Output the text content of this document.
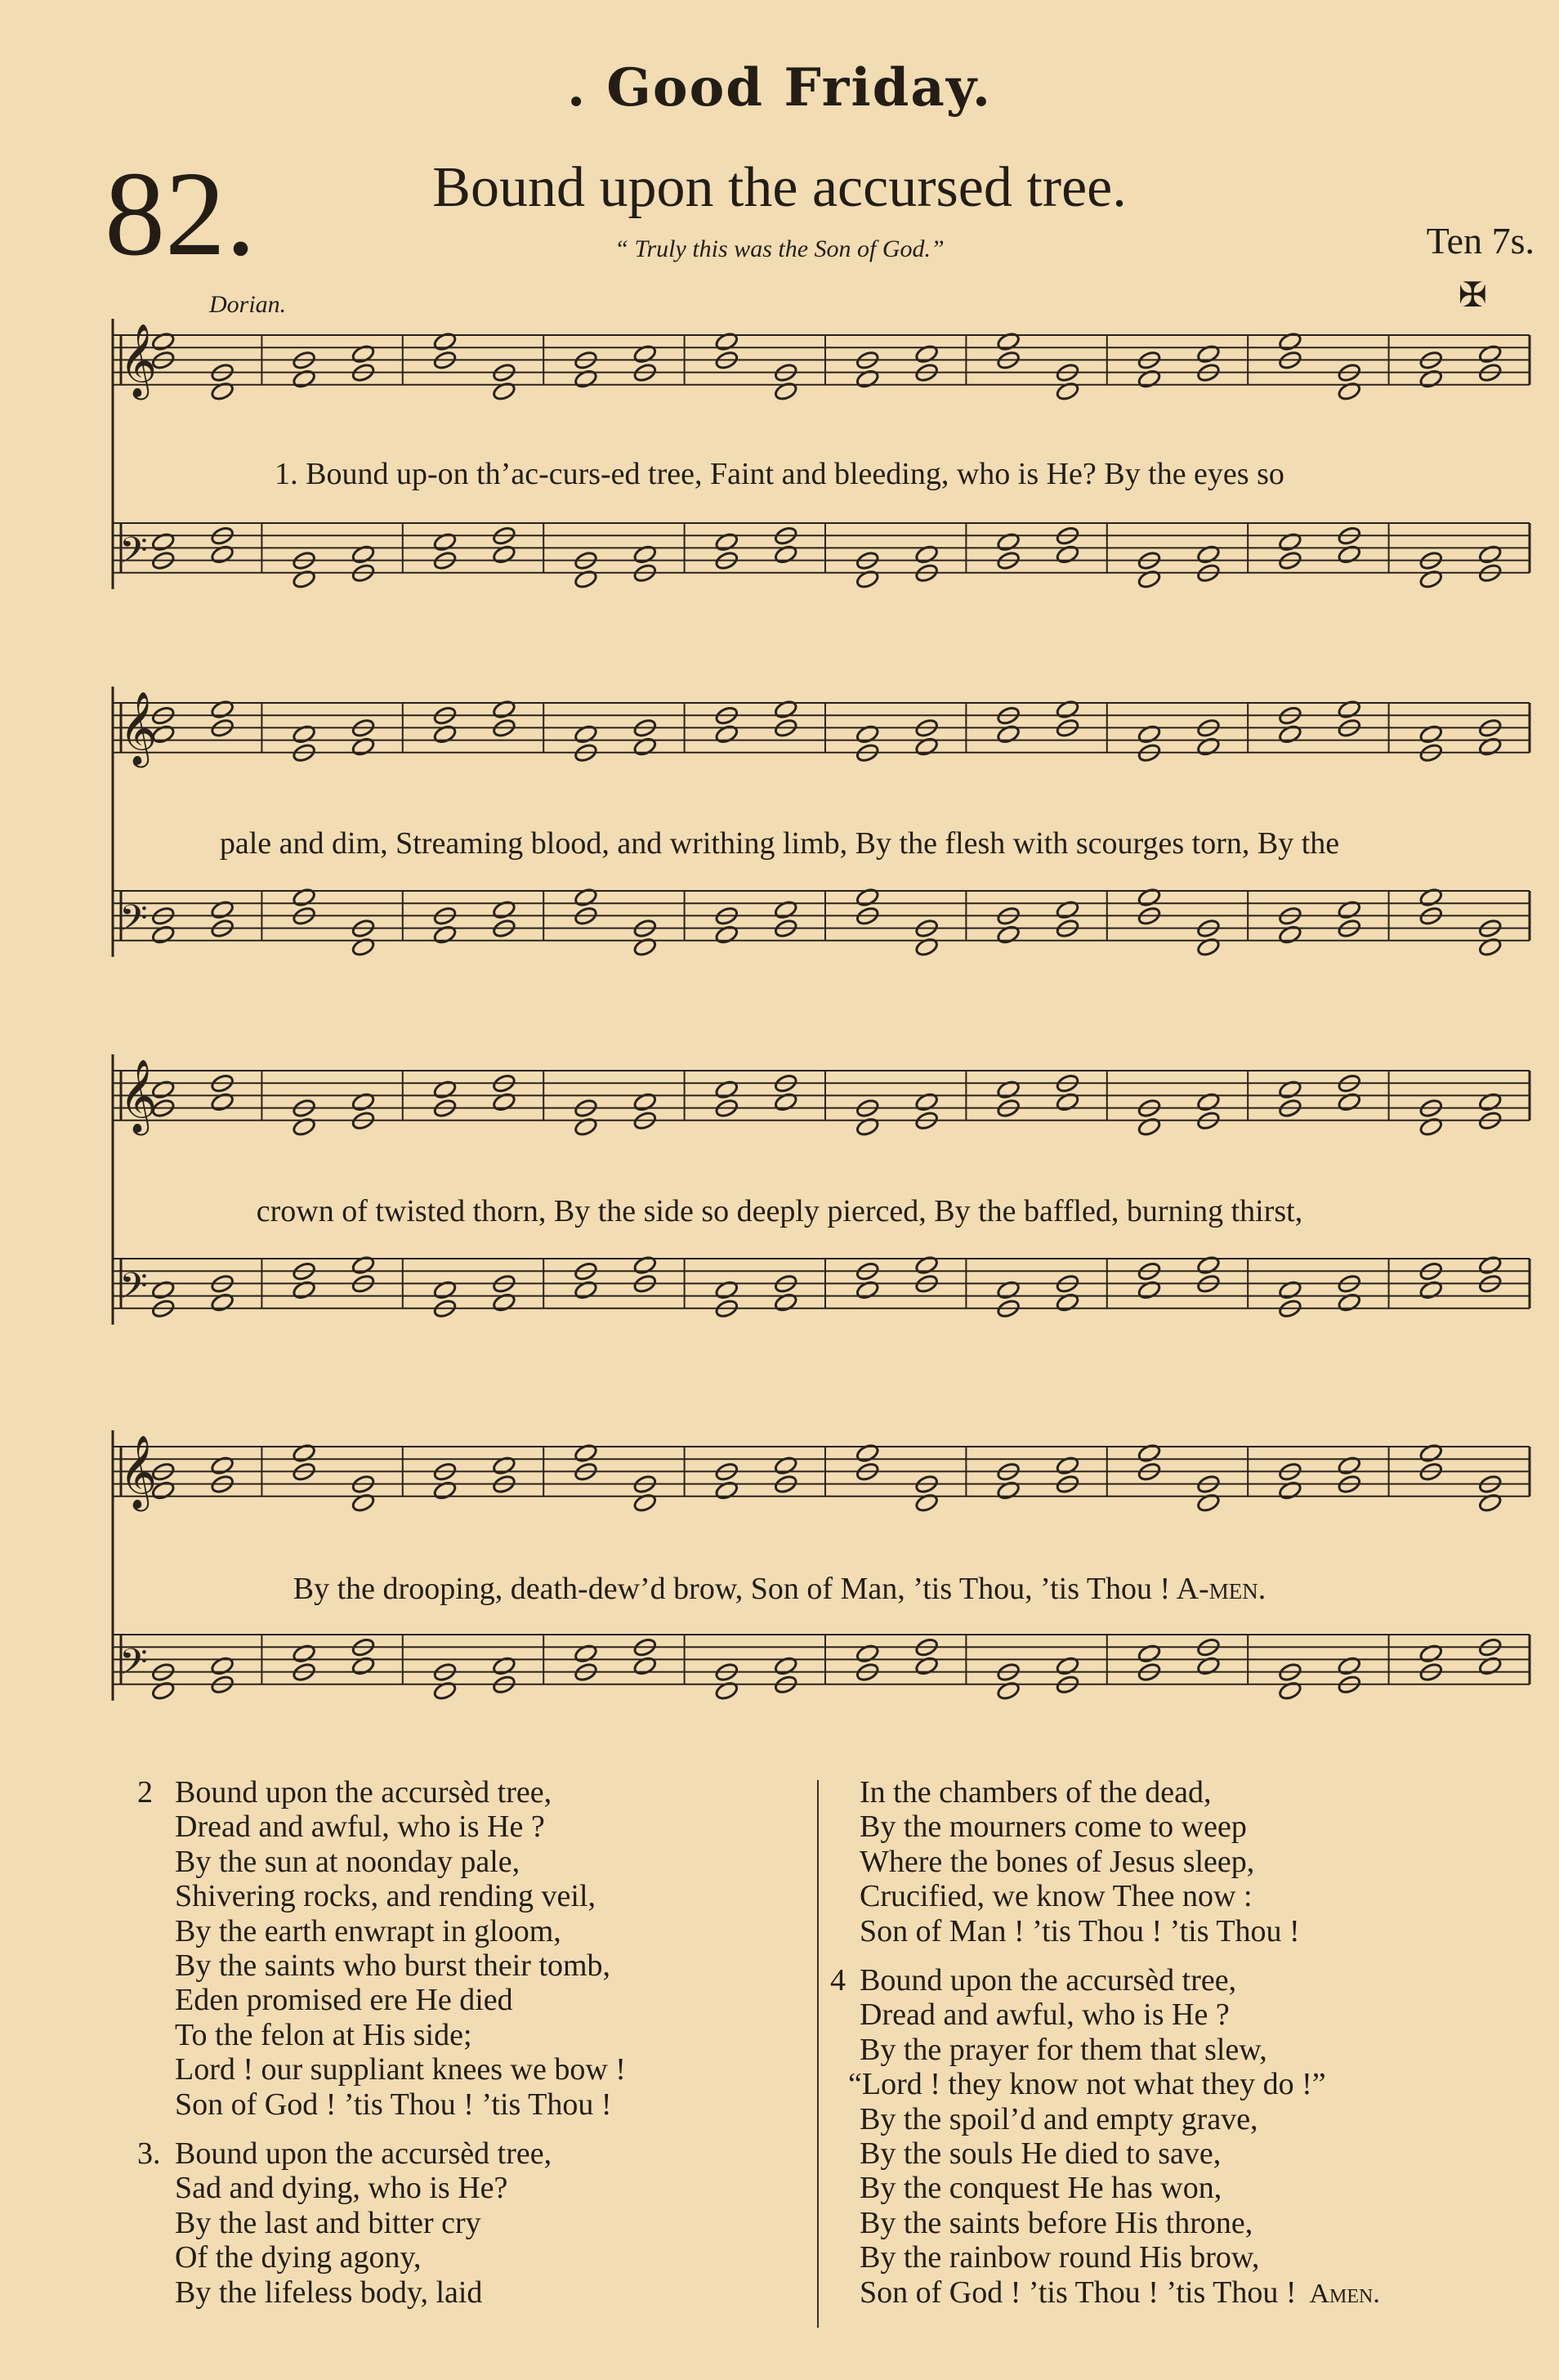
. Good Friday.
82.	Bound upon the accursed tree.
“ Truly this was the Son of God.”	Ten 7s.
✠
Dorian.
𝄞
𝄢
𝄞
𝄢
𝄞
𝄢
𝄞
𝄢
1. Bound up-on th’ac-curs-ed tree, Faint and bleeding, who is He? By the eyes so
pale and dim, Streaming blood, and writhing limb, By the flesh with scourges torn, By the
crown of twisted thorn, By the side so deeply pierced, By the baffled, burning thirst,
By the drooping, death-dew’d brow, Son of Man, ’tis Thou, ’tis Thou ! A-men.
2 Bound upon the accursèd tree,
Dread and awful, who is He ?
By the sun at noonday pale,
Shivering rocks, and rending veil,
By the earth enwrapt in gloom,
By the saints who burst their tomb,
Eden promised ere He died
To the felon at His side;
Lord ! our suppliant knees we bow !
Son of God ! ’tis Thou ! ’tis Thou !
3. Bound upon the accursèd tree,
Sad and dying, who is He?
By the last and bitter cry
Of the dying agony,
By the lifeless body, laid
In the chambers of the dead,
By the mourners come to weep
Where the bones of Jesus sleep,
Crucified, we know Thee now :
Son of Man ! ’tis Thou ! ’tis Thou !
4 Bound upon the accursèd tree,
Dread and awful, who is He ?
By the prayer for them that slew,
“Lord ! they know not what they do !”
By the spoil’d and empty grave,
By the souls He died to save,
By the conquest He has won,
By the saints before His throne,
By the rainbow round His brow,
Son of God ! ’tis Thou ! ’tis Thou ! Amen.
